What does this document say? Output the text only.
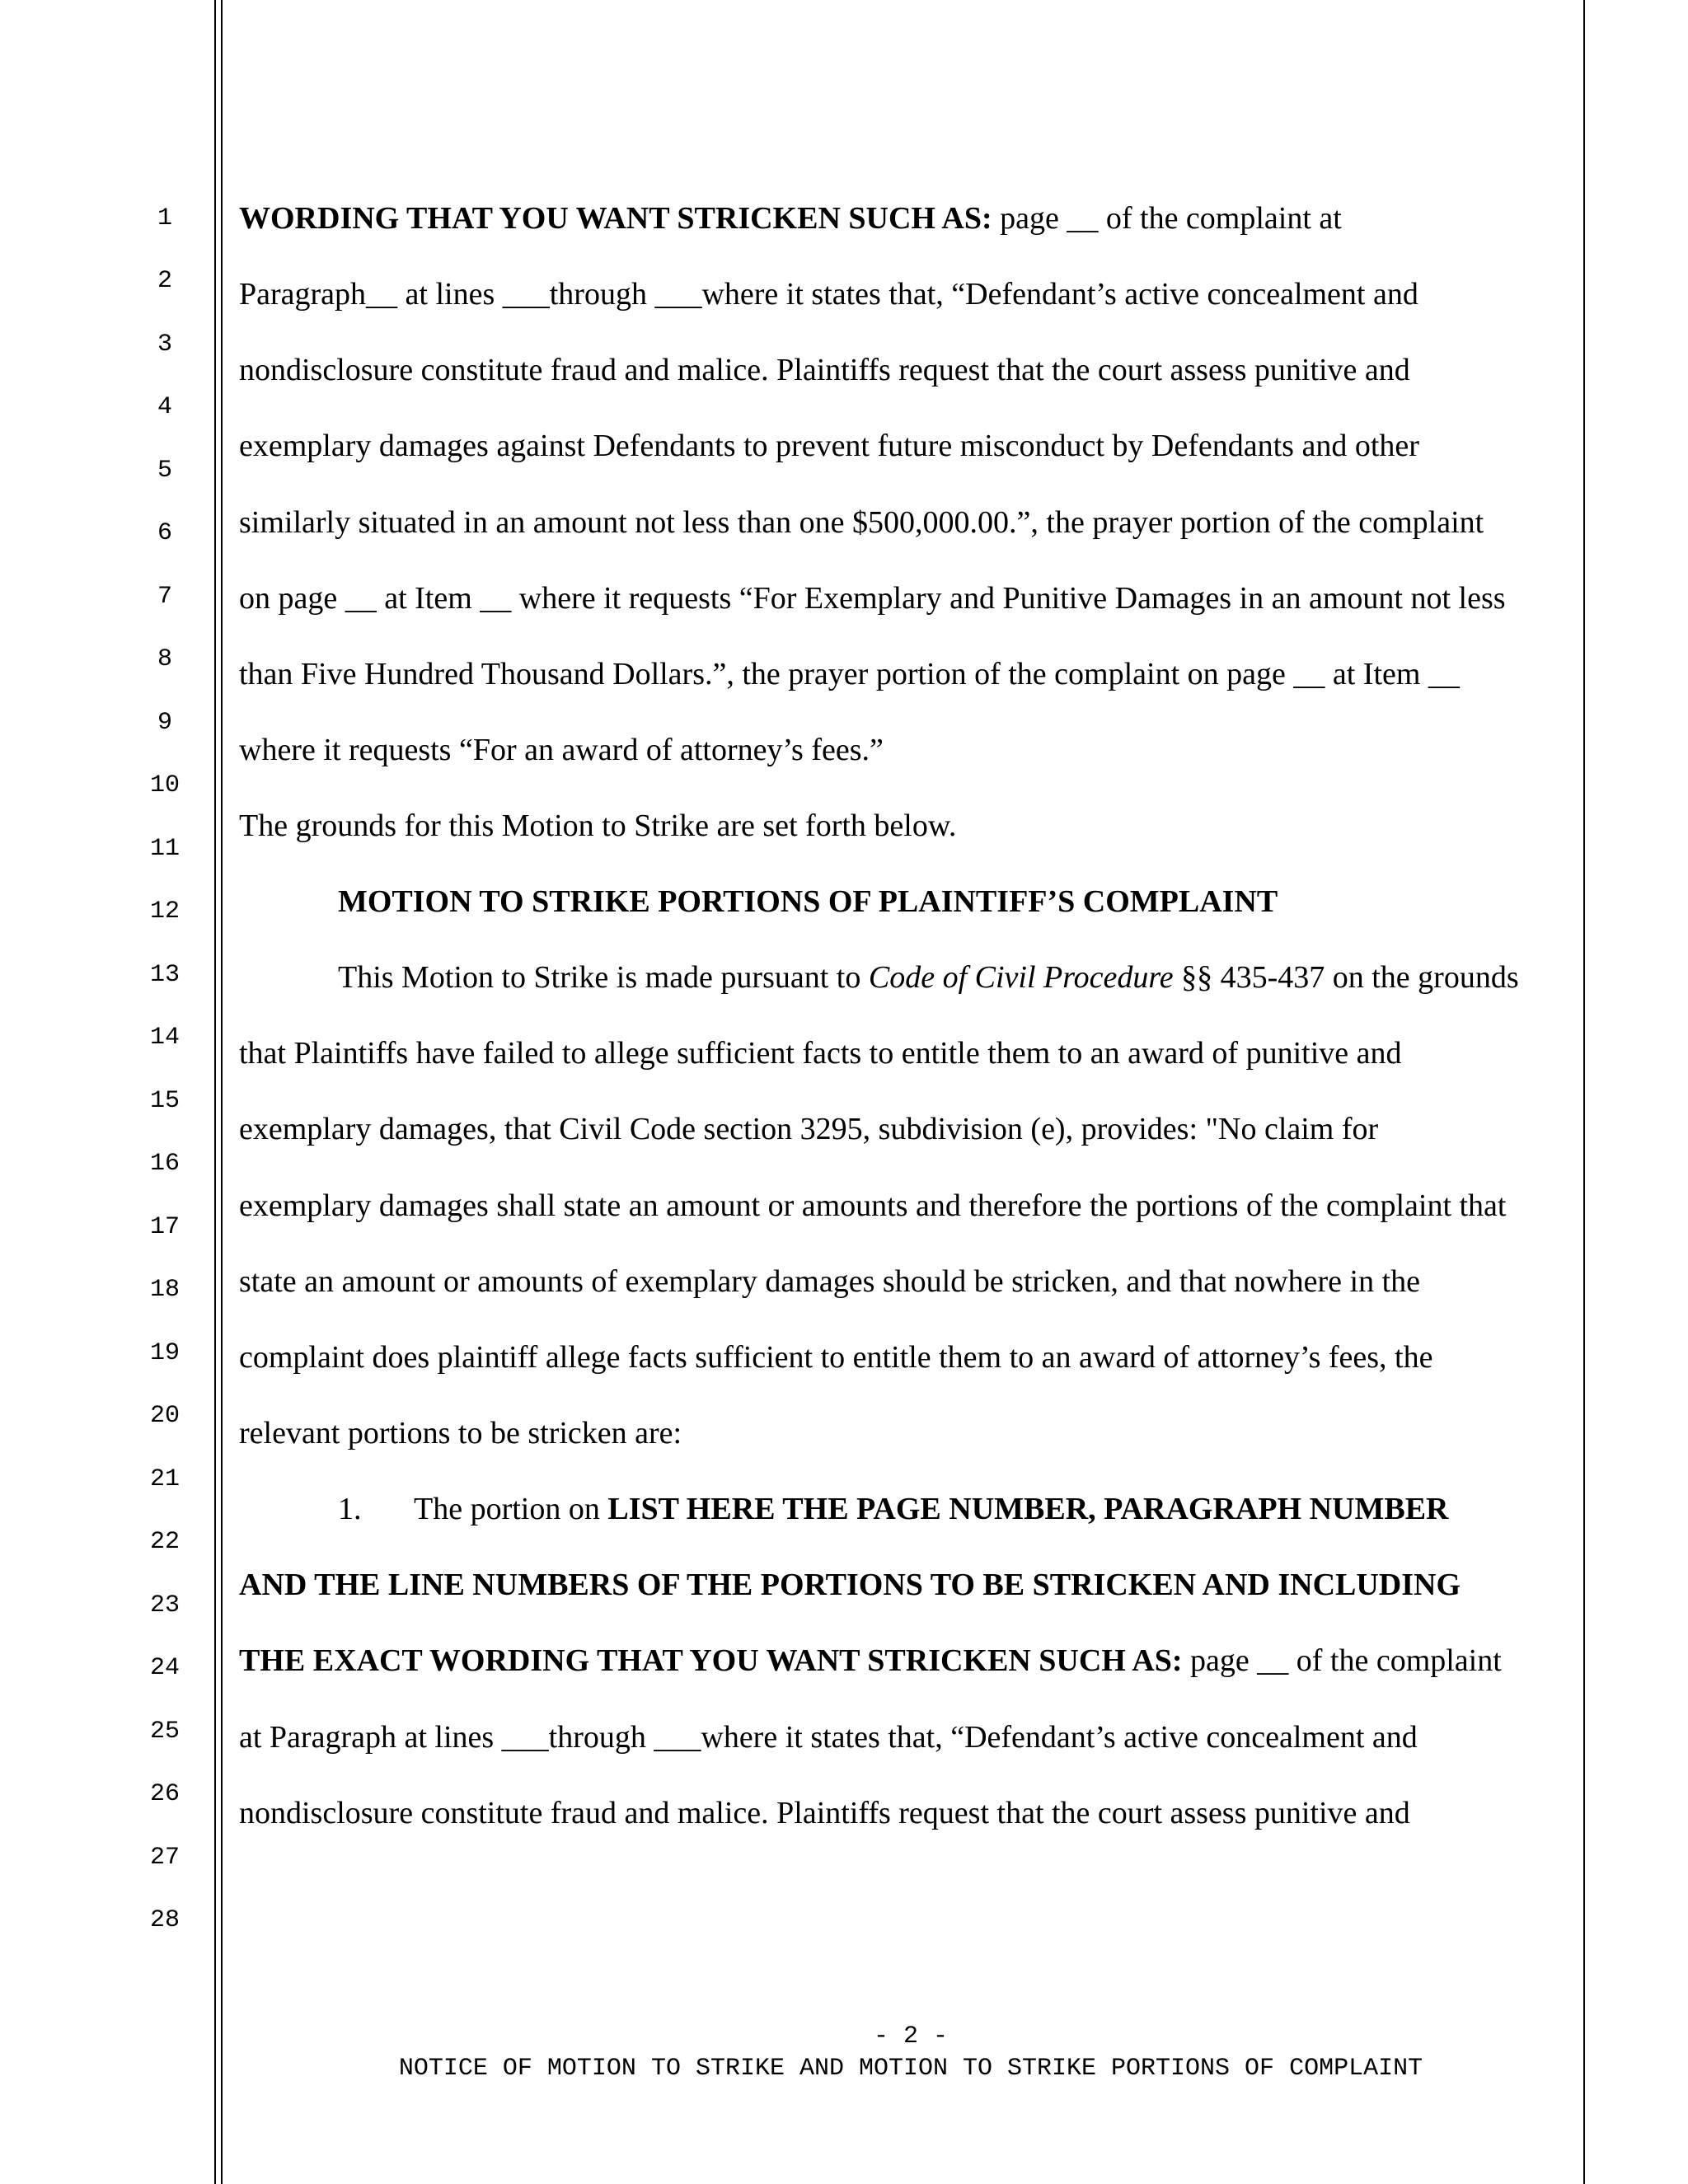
1
2
3
4
5
6
7
8
9
10
11
12
13
14
15
16
17
18
19
20
21
22
23
24
25
26
27
28
WORDING THAT YOU WANT STRICKEN SUCH AS: page __ of the complaint at
Paragraph__ at lines ___through ___where it states that, “Defendant’s active concealment and
nondisclosure constitute fraud and malice. Plaintiffs request that the court assess punitive and
exemplary damages against Defendants to prevent future misconduct by Defendants and other
similarly situated in an amount not less than one $500,000.00.”, the prayer portion of the complaint
on page __ at Item __ where it requests “For Exemplary and Punitive Damages in an amount not less
than Five Hundred Thousand Dollars.”, the prayer portion of the complaint on page __ at Item __
where it requests “For an award of attorney’s fees.”
The grounds for this Motion to Strike are set forth below.
MOTION TO STRIKE PORTIONS OF PLAINTIFF’S COMPLAINT
This Motion to Strike is made pursuant to Code of Civil Procedure §§ 435-437 on the grounds
that Plaintiffs have failed to allege sufficient facts to entitle them to an award of punitive and
exemplary damages, that Civil Code section 3295, subdivision (e), provides: "No claim for
exemplary damages shall state an amount or amounts and therefore the portions of the complaint that
state an amount or amounts of exemplary damages should be stricken, and that nowhere in the
complaint does plaintiff allege facts sufficient to entitle them to an award of attorney’s fees, the
relevant portions to be stricken are:
1. The portion on LIST HERE THE PAGE NUMBER, PARAGRAPH NUMBER
AND THE LINE NUMBERS OF THE PORTIONS TO BE STRICKEN AND INCLUDING
THE EXACT WORDING THAT YOU WANT STRICKEN SUCH AS: page __ of the complaint
at Paragraph at lines ___through ___where it states that, “Defendant’s active concealment and
nondisclosure constitute fraud and malice. Plaintiffs request that the court assess punitive and
- 2 -
NOTICE OF MOTION TO STRIKE AND MOTION TO STRIKE PORTIONS OF COMPLAINT
